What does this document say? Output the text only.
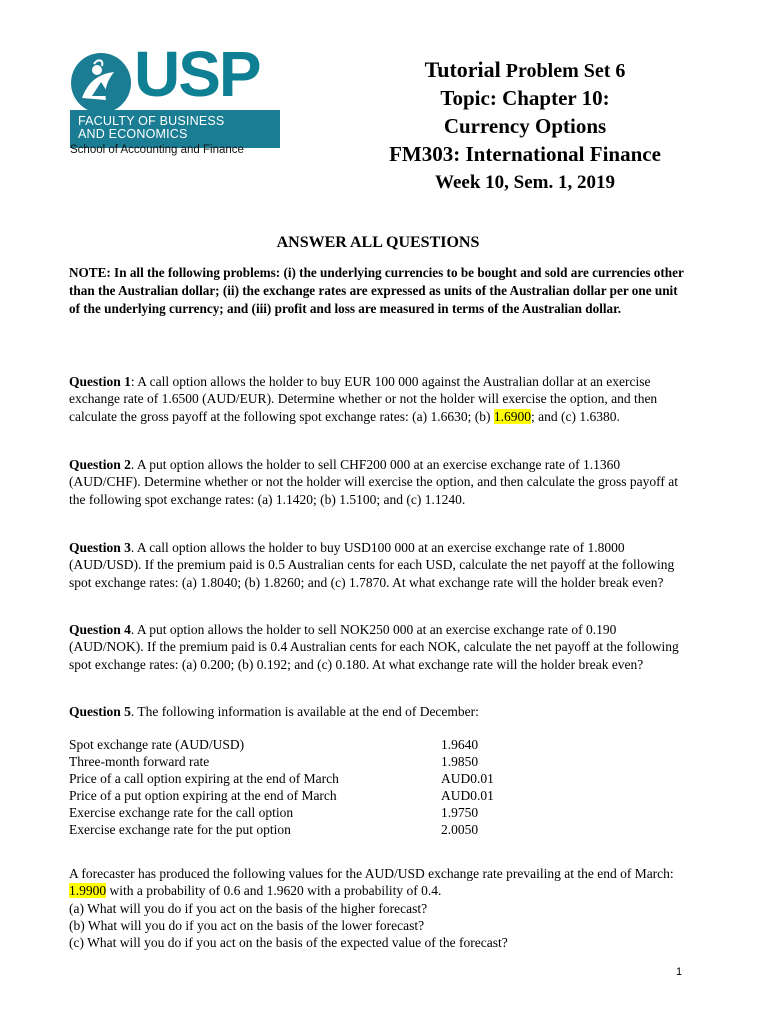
USP
FACULTY OF BUSINESS
AND ECONOMICS
School of Accounting and Finance
Tutorial Problem Set 6
Topic: Chapter 10:
Currency Options
FM303: International Finance
Week 10, Sem. 1, 2019
ANSWER ALL QUESTIONS
NOTE: In all the following problems: (i) the underlying currencies to be bought and sold are currencies other than the Australian dollar; (ii) the exchange rates are expressed as units of the Australian dollar per one unit of the underlying currency; and (iii) profit and loss are measured in terms of the Australian dollar.
Question 1: A call option allows the holder to buy EUR 100 000 against the Australian dollar at an exercise exchange rate of 1.6500 (AUD/EUR). Determine whether or not the holder will exercise the option, and then calculate the gross payoff at the following spot exchange rates: (a) 1.6630; (b) 1.6900; and (c) 1.6380.
Question 2. A put option allows the holder to sell CHF200 000 at an exercise exchange rate of 1.1360 (AUD/CHF). Determine whether or not the holder will exercise the option, and then calculate the gross payoff at the following spot exchange rates: (a) 1.1420; (b) 1.5100; and (c) 1.1240.
Question 3. A call option allows the holder to buy USD100 000 at an exercise exchange rate of 1.8000 (AUD/USD). If the premium paid is 0.5 Australian cents for each USD, calculate the net payoff at the following spot exchange rates: (a) 1.8040; (b) 1.8260; and (c) 1.7870. At what exchange rate will the holder break even?
Question 4. A put option allows the holder to sell NOK250 000 at an exercise exchange rate of 0.190 (AUD/NOK). If the premium paid is 0.4 Australian cents for each NOK, calculate the net payoff at the following spot exchange rates: (a) 0.200; (b) 0.192; and (c) 0.180. At what exchange rate will the holder break even?
Question 5. The following information is available at the end of December:
Spot exchange rate (AUD/USD)	1.9640
Three-month forward rate	1.9850
Price of a call option expiring at the end of March	AUD0.01
Price of a put option expiring at the end of March	AUD0.01
Exercise exchange rate for the call option	1.9750
Exercise exchange rate for the put option	2.0050
A forecaster has produced the following values for the AUD/USD exchange rate prevailing at the end of March: 1.9900 with a probability of 0.6 and 1.9620 with a probability of 0.4.
(a) What will you do if you act on the basis of the higher forecast?
(b) What will you do if you act on the basis of the lower forecast?
(c) What will you do if you act on the basis of the expected value of the forecast?
1
